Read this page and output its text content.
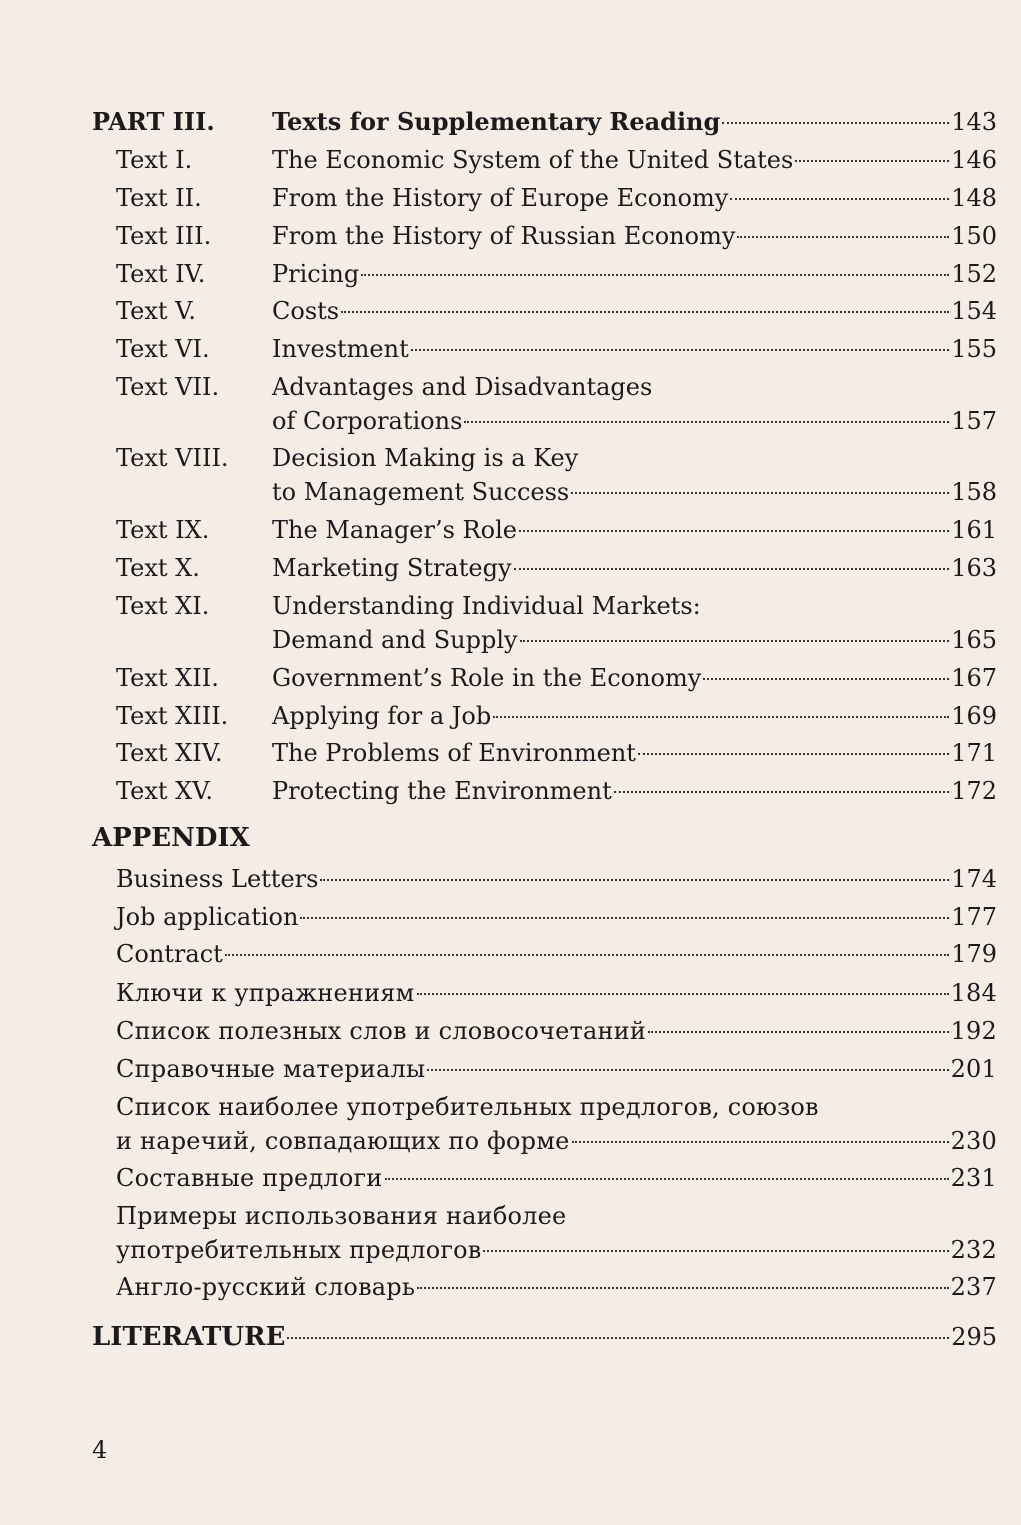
PART III. Texts for Supplementary Reading	143
Text I.	The Economic System of the United States	146
Text II.	From the History of Europe Economy	148
Text III.	From the History of Russian Economy	150
Text IV.	Pricing	152
Text V.	Costs	154
Text VI.	Investment	155
Text VII. Advantages and Disadvantages
of Corporations	157
Text VIII. Decision Making is a Key
to Management Success	158
Text IX.	The Manager’s Role	161
Text X.	Marketing Strategy	163
Text XI.	Understanding Individual Markets:
Demand and Supply	165
Text XII. Government’s Role in the Economy	167
Text XIII. Applying for a Job	169
Text XIV. The Problems of Environment	171
Text XV. Protecting the Environment	172
APPENDIX
Business Letters	174
Job application	177
Contract	179
Ключи к упражнениям	184
Список полезных слов и словосочетаний	192
Справочные материалы	201
Список наиболее употребительных предлогов, союзов
и наречий, совпадающих по форме	230
Составные предлоги	231
Примеры использования наиболее
употребительных предлогов	232
Англо-русский словарь	237
LITERATURE	295
4
